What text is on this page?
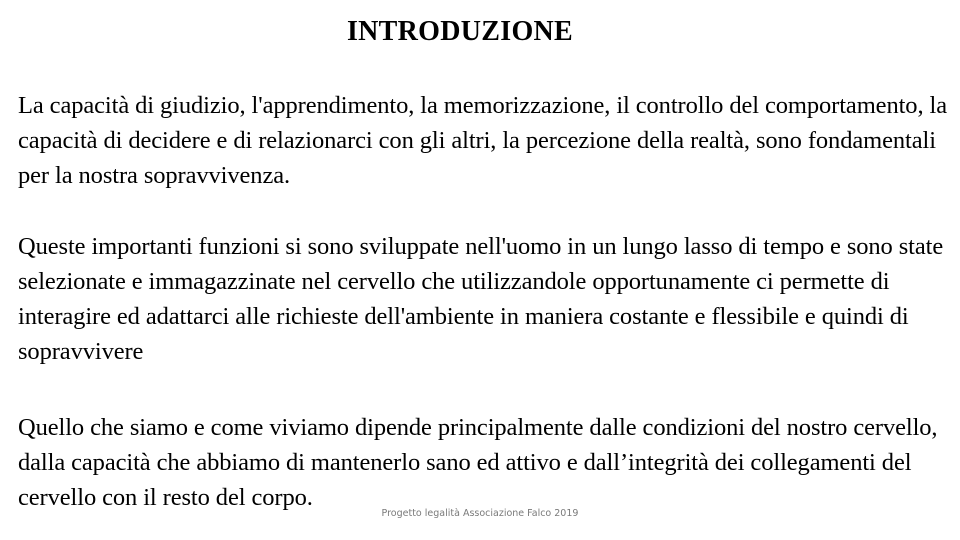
INTRODUZIONE

La capacità di giudizio, l'apprendimento, la memorizzazione, il controllo del comportamento, la capacità di decidere e di relazionarci con gli altri, la percezione della realtà, sono fondamentali per la nostra sopravvivenza.

Queste importanti funzioni si sono sviluppate nell'uomo in un lungo lasso di tempo e sono state selezionate e immagazzinate nel cervello che utilizzandole opportunamente ci permette di interagire ed adattarci alle richieste dell'ambiente in maniera costante e flessibile e quindi di sopravvivere

Quello che siamo e come viviamo dipende principalmente dalle condizioni del nostro cervello, dalla capacità che abbiamo di mantenerlo sano ed attivo e dall’integrità dei collegamenti del cervello con il resto del corpo.

Progetto legalità Associazione Falco 2019
